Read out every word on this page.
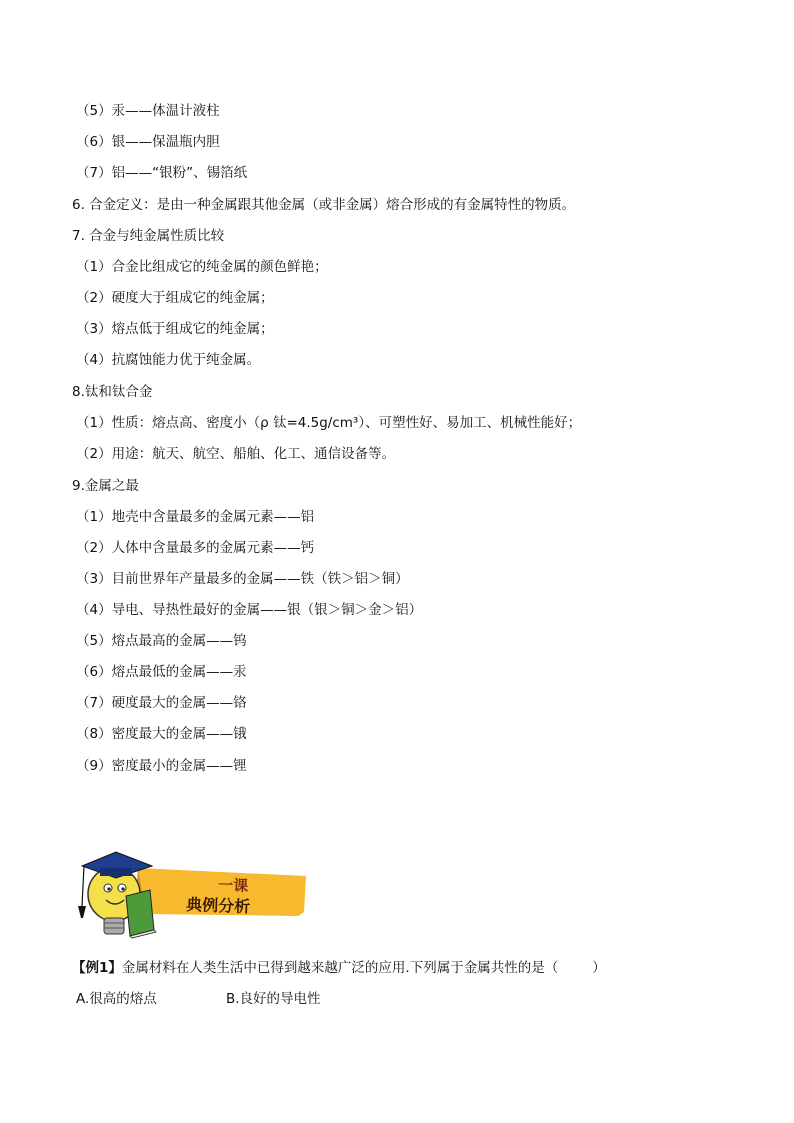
（5）汞——体温计液柱
（6）银——保温瓶内胆
（7）铝——“银粉”、锡箔纸
6. 合金定义：是由一种金属跟其他金属（或非金属）熔合形成的有金属特性的物质。
7. 合金与纯金属性质比较
（1）合金比组成它的纯金属的颜色鲜艳；
（2）硬度大于组成它的纯金属；
（3）熔点低于组成它的纯金属；
（4）抗腐蚀能力优于纯金属。
8.钛和钛合金
（1）性质：熔点高、密度小（ρ 钛=4.5g/cm³）、可塑性好、易加工、机械性能好；
（2）用途：航天、航空、船舶、化工、通信设备等。
9.金属之最
（1）地壳中含量最多的金属元素——铝
（2）人体中含量最多的金属元素——钙
（3）目前世界年产量最多的金属——铁（铁＞铝＞铜）
（4）导电、导热性最好的金属——银（银＞铜＞金＞铝）
（5）熔点最高的金属——钨
（6）熔点最低的金属——汞
（7）硬度最大的金属——铬
（8）密度最大的金属——锇
（9）密度最小的金属——锂
一课
典例分析
【例1】金属材料在人类生活中已得到越来越广泛的应用.下列属于金属共性的是（	）
A.很高的熔点	B.良好的导电性
